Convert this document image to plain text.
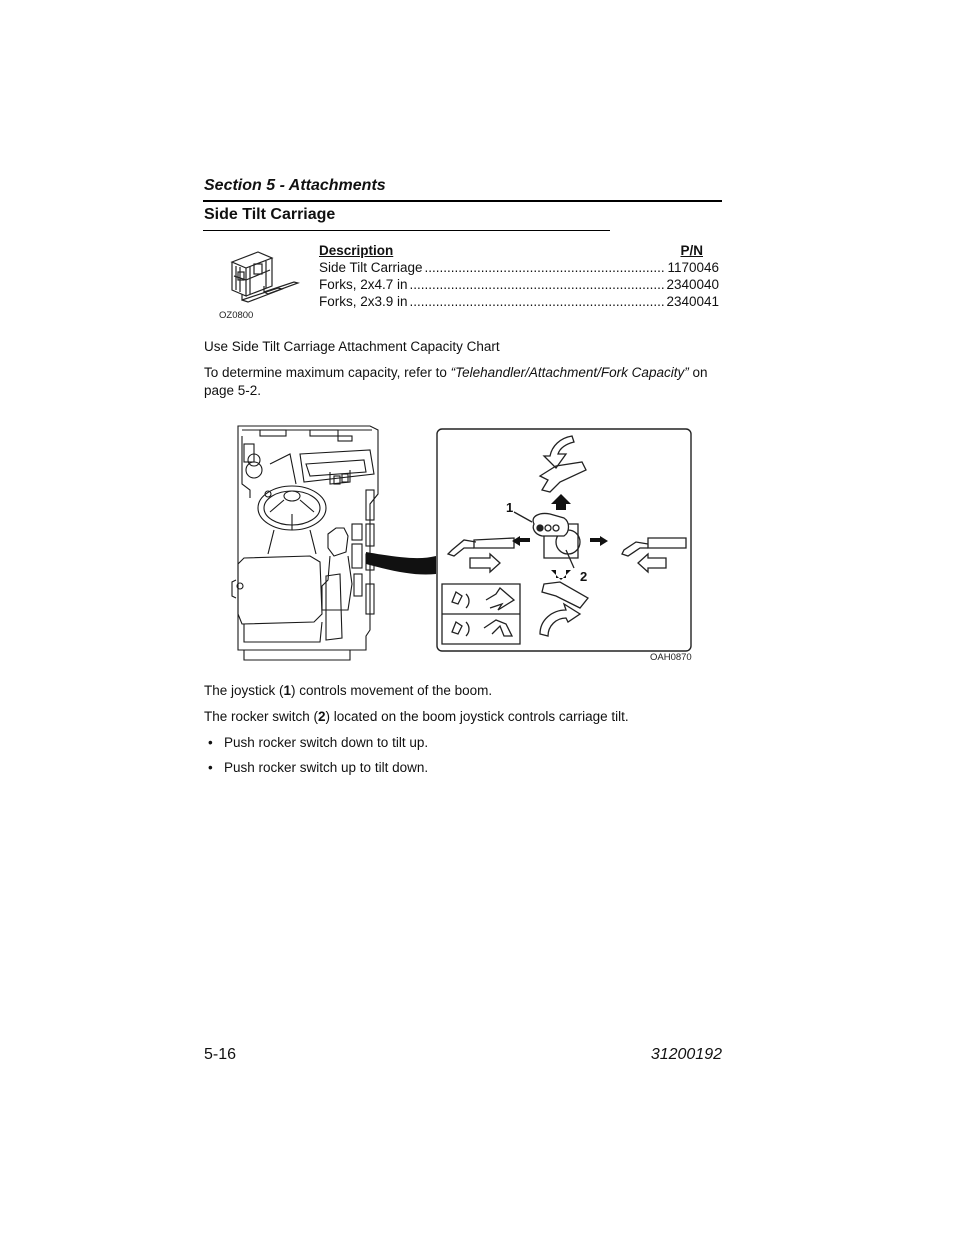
Section 5 - Attachments
Side Tilt Carriage
OZ0800
Description	P/N
Side Tilt Carriage .....	1170046
Forks, 2x4.7 in .....	2340040
Forks, 2x3.9 in .....	2340041
Use Side Tilt Carriage Attachment Capacity Chart
To determine maximum capacity, refer to “Telehandler/Attachment/Fork Capacity” on
page 5-2.
1
2
OAH0870
The joystick (1) controls movement of the boom.
The rocker switch (2) located on the boom joystick controls carriage tilt.
• Push rocker switch down to tilt up.
• Push rocker switch up to tilt down.
5-16	31200192
